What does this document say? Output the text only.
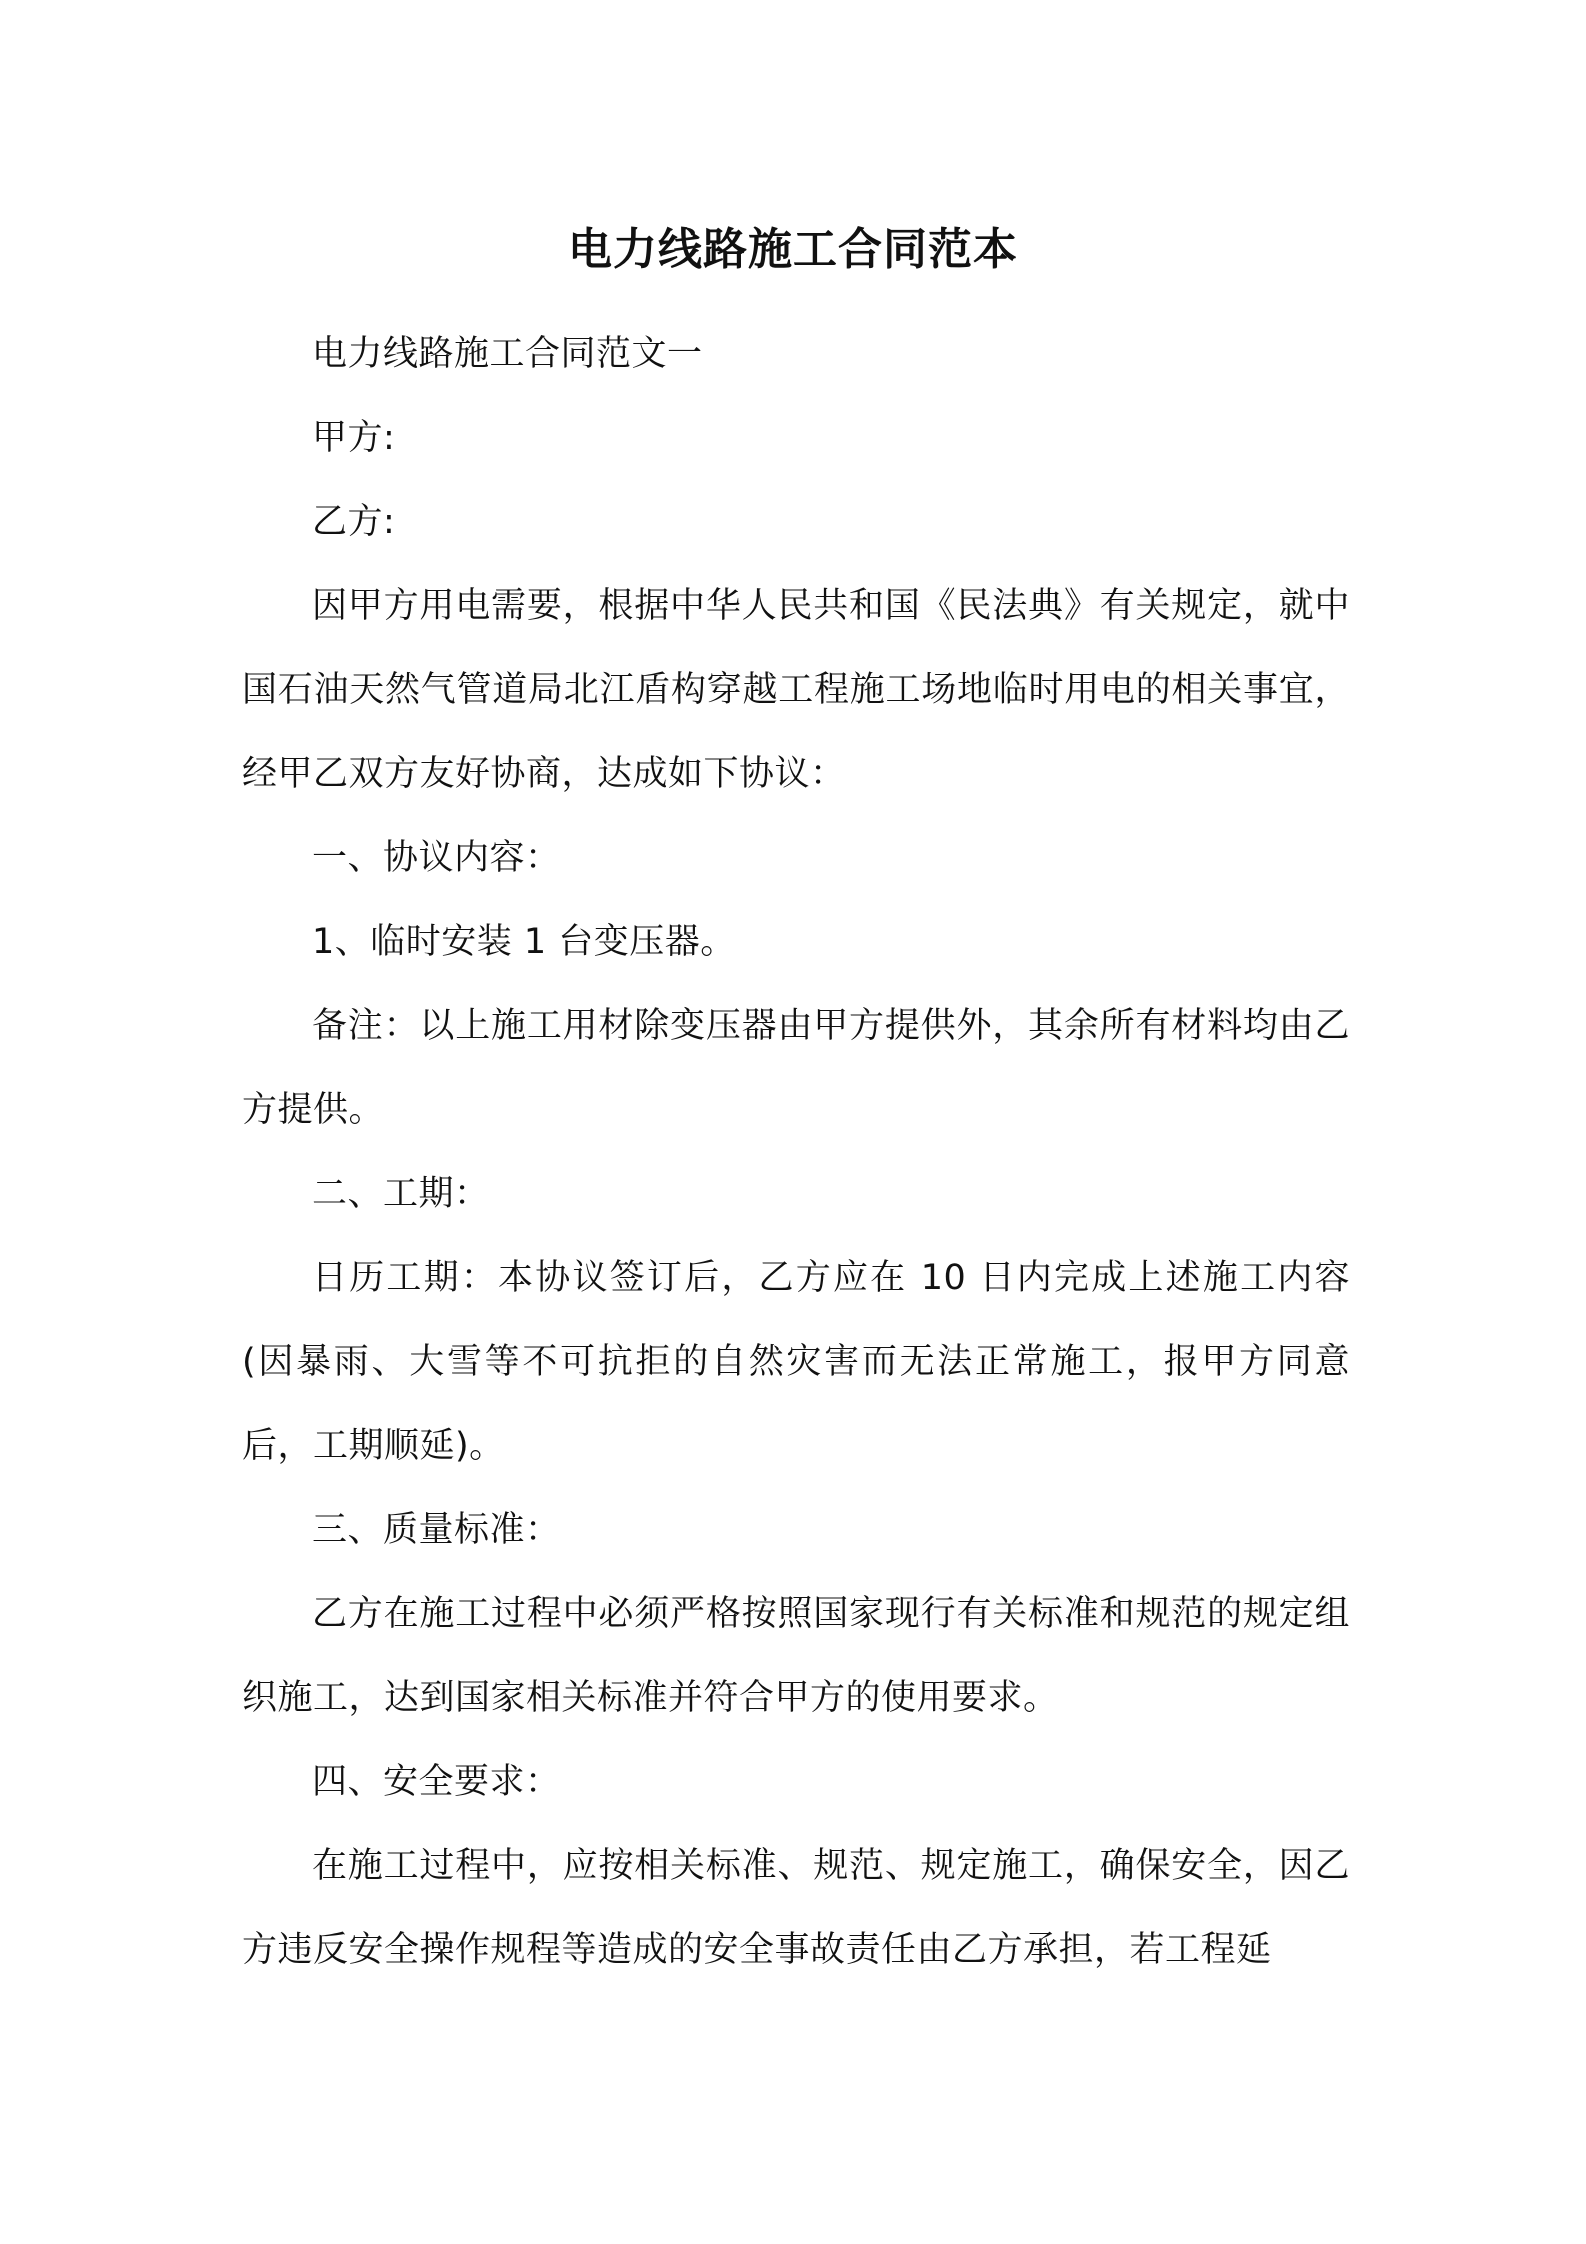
电力线路施工合同范本

电力线路施工合同范文一

甲方:

乙方:

因甲方用电需要，根据中华人民共和国《民法典》有关规定，就中国石油天然气管道局北江盾构穿越工程施工场地临时用电的相关事宜，经甲乙双方友好协商，达成如下协议：

一、协议内容：

1、临时安装 1 台变压器。

备注：以上施工用材除变压器由甲方提供外，其余所有材料均由乙方提供。

二、工期：

日历工期：本协议签订后，乙方应在 10 日内完成上述施工内容(因暴雨、大雪等不可抗拒的自然灾害而无法正常施工，报甲方同意后，工期顺延)。

三、质量标准：

乙方在施工过程中必须严格按照国家现行有关标准和规范的规定组织施工，达到国家相关标准并符合甲方的使用要求。

四、安全要求：

在施工过程中，应按相关标准、规范、规定施工，确保安全，因乙方违反安全操作规程等造成的安全事故责任由乙方承担，若工程延
